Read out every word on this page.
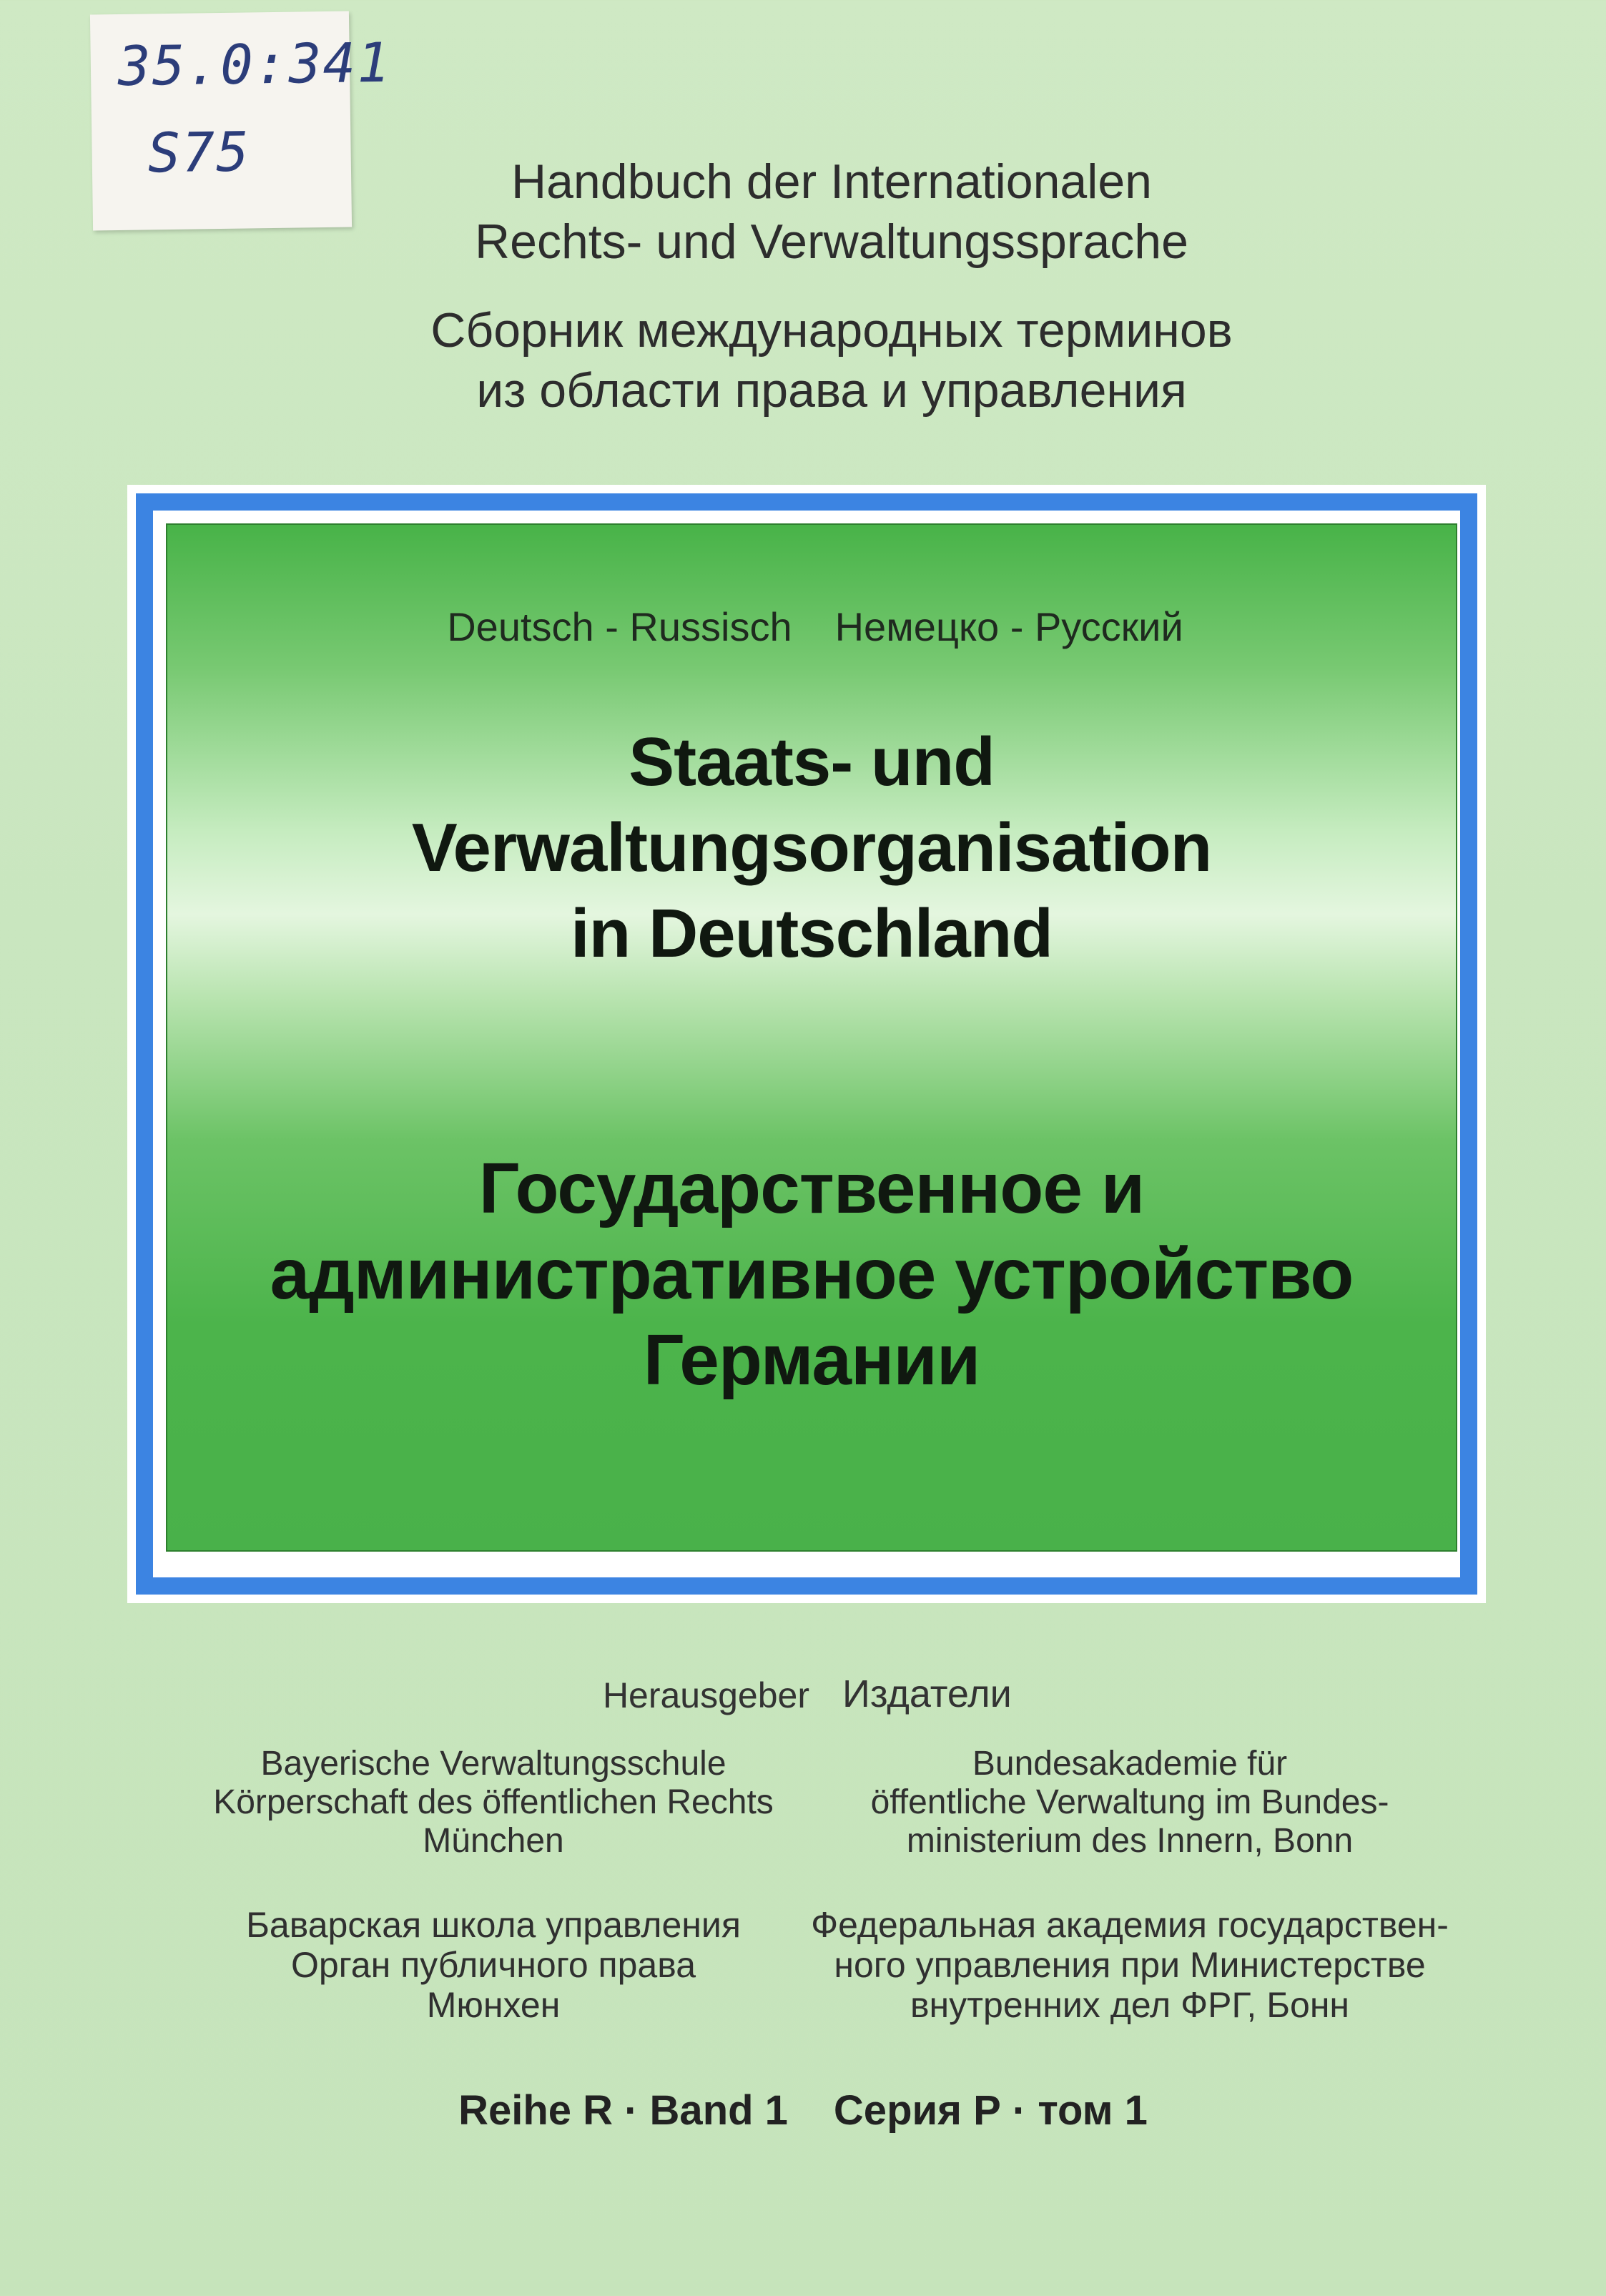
35.0:341
S75	Handbuch der Internationalen
Rechts- und Verwaltungssprache
Сборник международных терминов
из области права и управления
Deutsch - Russisch Немецко - Русский
Staats- und
Verwaltungsorganisation
in Deutschland
Государственное и
административное устройство
Германии
Herausgeber Издатели
Bayerische Verwaltungsschule
Körperschaft des öffentlichen Rechts
München
Bundesakademie für
öffentliche Verwaltung im Bundes-
ministerium des Innern, Bonn
Баварская школа управления
Орган публичного права
Мюнхен
Федеральная академия государствен-
ного управления при Министерстве
внутренних дел ФРГ, Бонн
Reihe R · Band 1 Серия Р · том 1
